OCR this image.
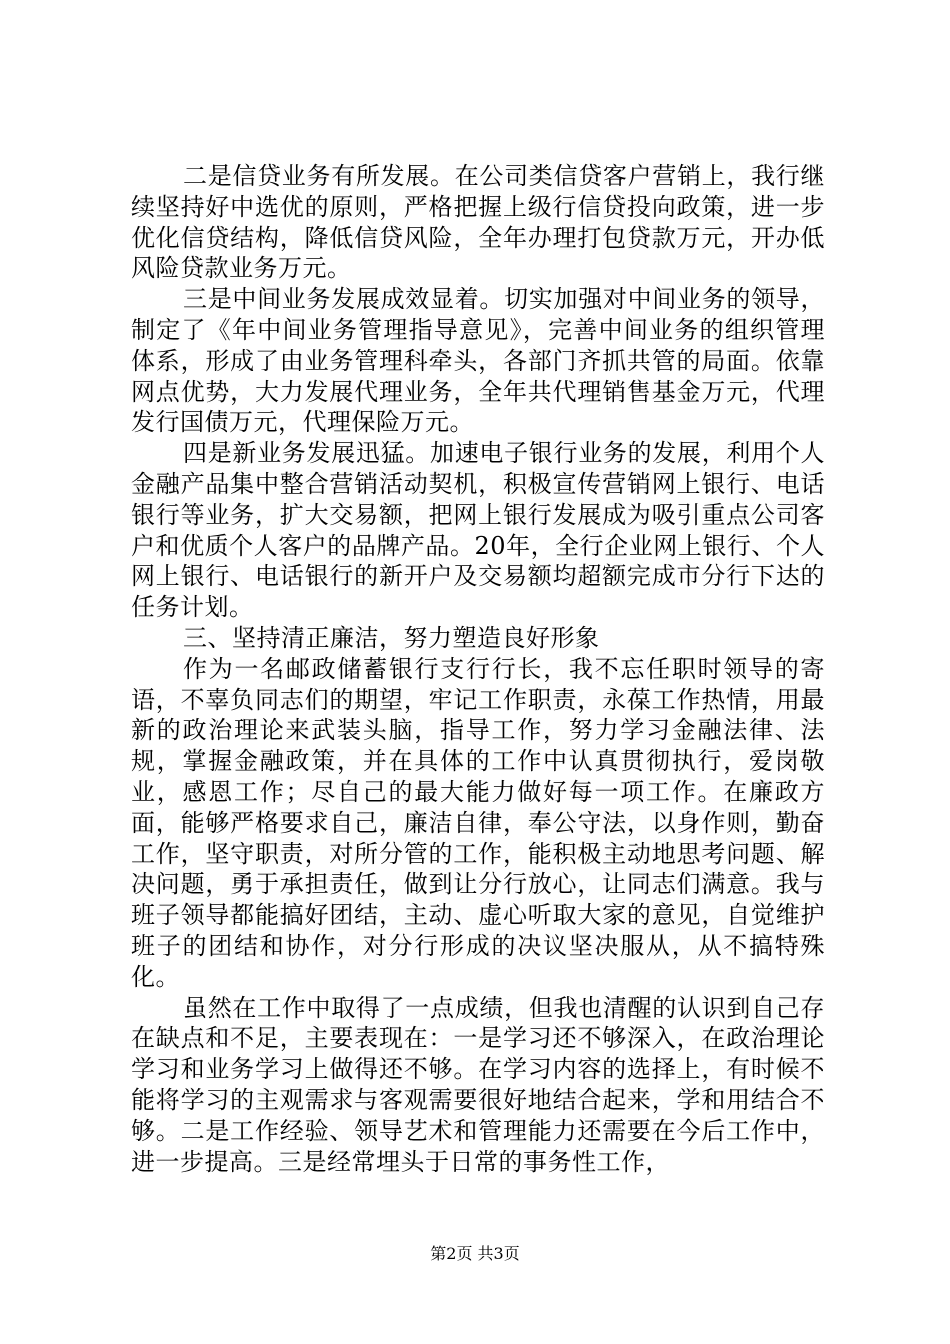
二是信贷业务有所发展。在公司类信贷客户营销上，我行继续坚持好中选优的原则，严格把握上级行信贷投向政策，进一步优化信贷结构，降低信贷风险，全年办理打包贷款万元，开办低风险贷款业务万元。

三是中间业务发展成效显着。切实加强对中间业务的领导，制定了《年中间业务管理指导意见》，完善中间业务的组织管理体系，形成了由业务管理科牵头，各部门齐抓共管的局面。依靠网点优势，大力发展代理业务，全年共代理销售基金万元，代理发行国债万元，代理保险万元。

四是新业务发展迅猛。加速电子银行业务的发展，利用个人金融产品集中整合营销活动契机，积极宣传营销网上银行、电话银行等业务，扩大交易额，把网上银行发展成为吸引重点公司客户和优质个人客户的品牌产品。20年，全行企业网上银行、个人网上银行、电话银行的新开户及交易额均超额完成市分行下达的任务计划。

三、坚持清正廉洁，努力塑造良好形象

作为一名邮政储蓄银行支行行长，我不忘任职时领导的寄语，不辜负同志们的期望，牢记工作职责，永葆工作热情，用最新的政治理论来武装头脑，指导工作，努力学习金融法律、法规，掌握金融政策，并在具体的工作中认真贯彻执行，爱岗敬业，感恩工作；尽自己的最大能力做好每一项工作。在廉政方面，能够严格要求自己，廉洁自律，奉公守法，以身作则，勤奋工作，坚守职责，对所分管的工作，能积极主动地思考问题、解决问题，勇于承担责任，做到让分行放心，让同志们满意。我与班子领导都能搞好团结，主动、虚心听取大家的意见，自觉维护班子的团结和协作，对分行形成的决议坚决服从，从不搞特殊化。

虽然在工作中取得了一点成绩，但我也清醒的认识到自己存在缺点和不足，主要表现在：一是学习还不够深入，在政治理论学习和业务学习上做得还不够。在学习内容的选择上，有时候不能将学习的主观需求与客观需要很好地结合起来，学和用结合不够。二是工作经验、领导艺术和管理能力还需要在今后工作中，进一步提高。三是经常埋头于日常的事务性工作，

第2页 共3页
